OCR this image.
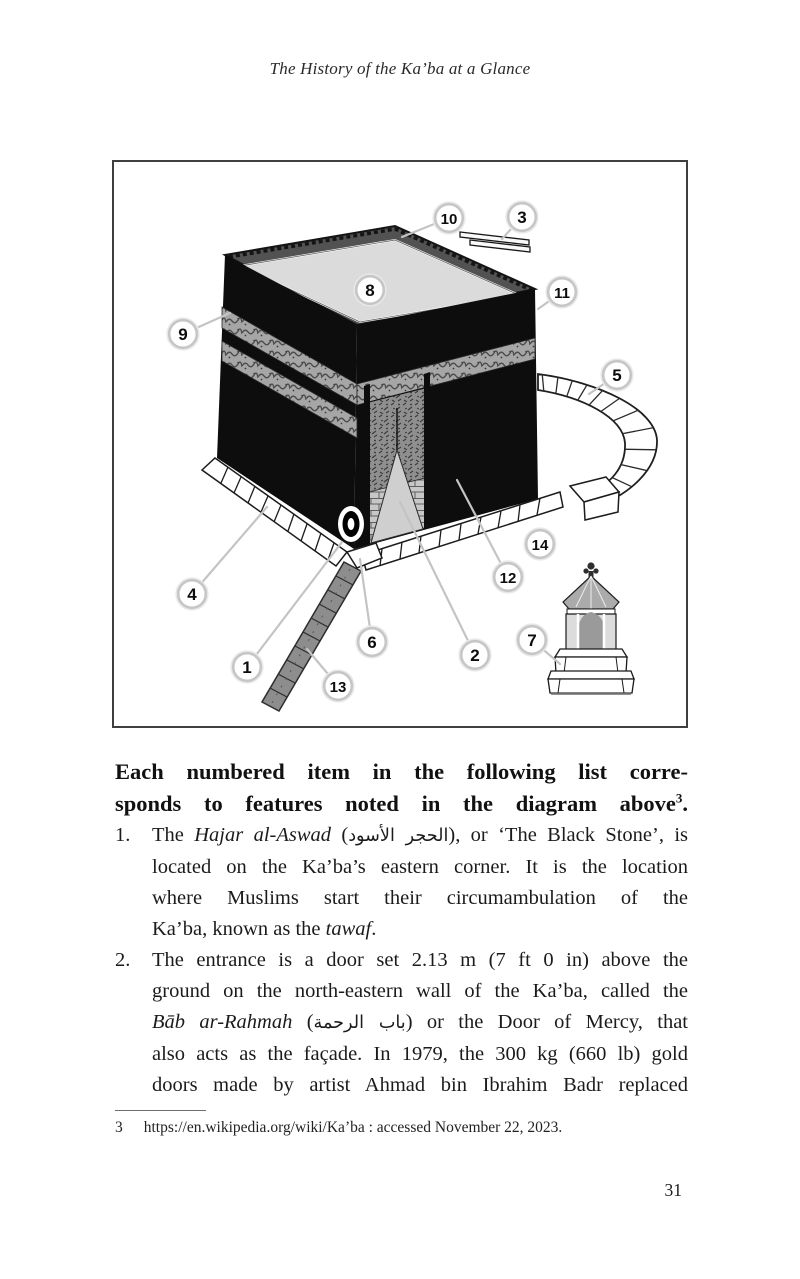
The History of the Ka’ba at a Glance
1
2
3
4
5
6	7
8
9
10
11
12
13
14
Each numbered item in the following list corre-
sponds to features noted in the diagram above$^3$.
1.	The Hajar al-Aswad (الحجر الأسود), or ‘The Black Stone’, is
located on the Ka’ba’s eastern corner. It is the location
where Muslims start their circumambulation of the
Ka’ba, known as the tawaf.
2.	The entrance is a door set 2.13 m (7 ft 0 in) above the
ground on the north-eastern wall of the Ka’ba, called the
Bāb ar-Rahmah (باب الرحمة) or the Door of Mercy, that
also acts as the façade. In 1979, the 300 kg (660 lb) gold
doors made by artist Ahmad bin Ibrahim Badr replaced
3 https://en.wikipedia.org/wiki/Ka’ba : accessed November 22, 2023.
31
